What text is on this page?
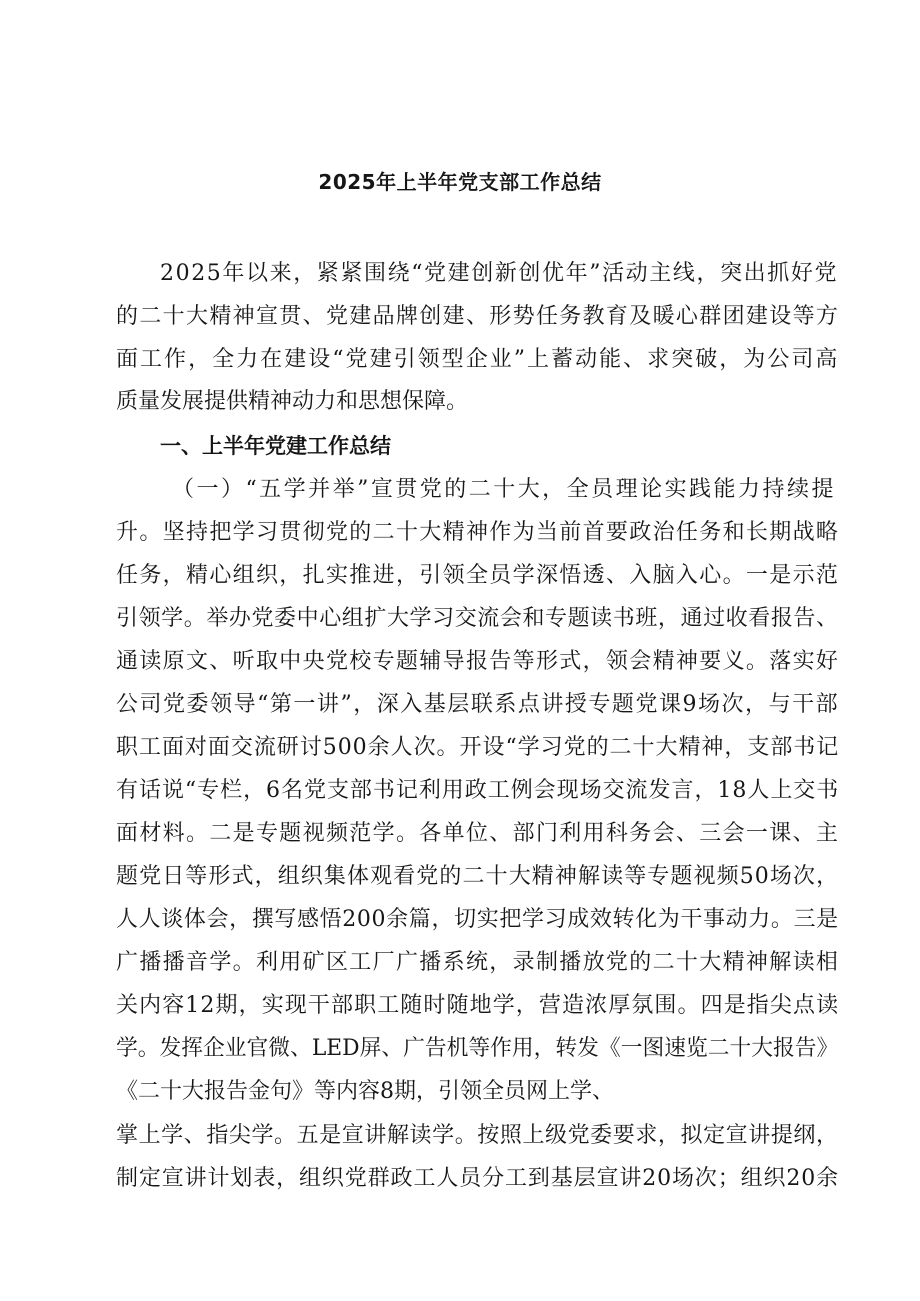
2025年上半年党支部工作总结
2025年以来，紧紧围绕“党建创新创优年”活动主线，突出抓好党
的二十大精神宣贯、党建品牌创建、形势任务教育及暖心群团建设等方
面工作，全力在建设“党建引领型企业”上蓄动能、求突破，为公司高
质量发展提供精神动力和思想保障。
一、上半年党建工作总结
（一）“五学并举”宣贯党的二十大，全员理论实践能力持续提
升。坚持把学习贯彻党的二十大精神作为当前首要政治任务和长期战略
任务，精心组织，扎实推进，引领全员学深悟透、入脑入心。一是示范
引领学。举办党委中心组扩大学习交流会和专题读书班，通过收看报告、
通读原文、听取中央党校专题辅导报告等形式，领会精神要义。落实好
公司党委领导“第一讲”，深入基层联系点讲授专题党课9场次，与干部
职工面对面交流研讨500余人次。开设“学习党的二十大精神，支部书记
有话说“专栏，6名党支部书记利用政工例会现场交流发言，18人上交书
面材料。二是专题视频范学。各单位、部门利用科务会、三会一课、主
题党日等形式，组织集体观看党的二十大精神解读等专题视频50场次，
人人谈体会，撰写感悟200余篇，切实把学习成效转化为干事动力。三是
广播播音学。利用矿区工厂广播系统，录制播放党的二十大精神解读相
关内容12期，实现干部职工随时随地学，营造浓厚氛围。四是指尖点读
学。发挥企业官微、LED屏、广告机等作用，转发《一图速览二十大报告》
《二十大报告金句》等内容8期，引领全员网上学、
掌上学、指尖学。五是宣讲解读学。按照上级党委要求，拟定宣讲提纲，
制定宣讲计划表，组织党群政工人员分工到基层宣讲20场次；组织20余
